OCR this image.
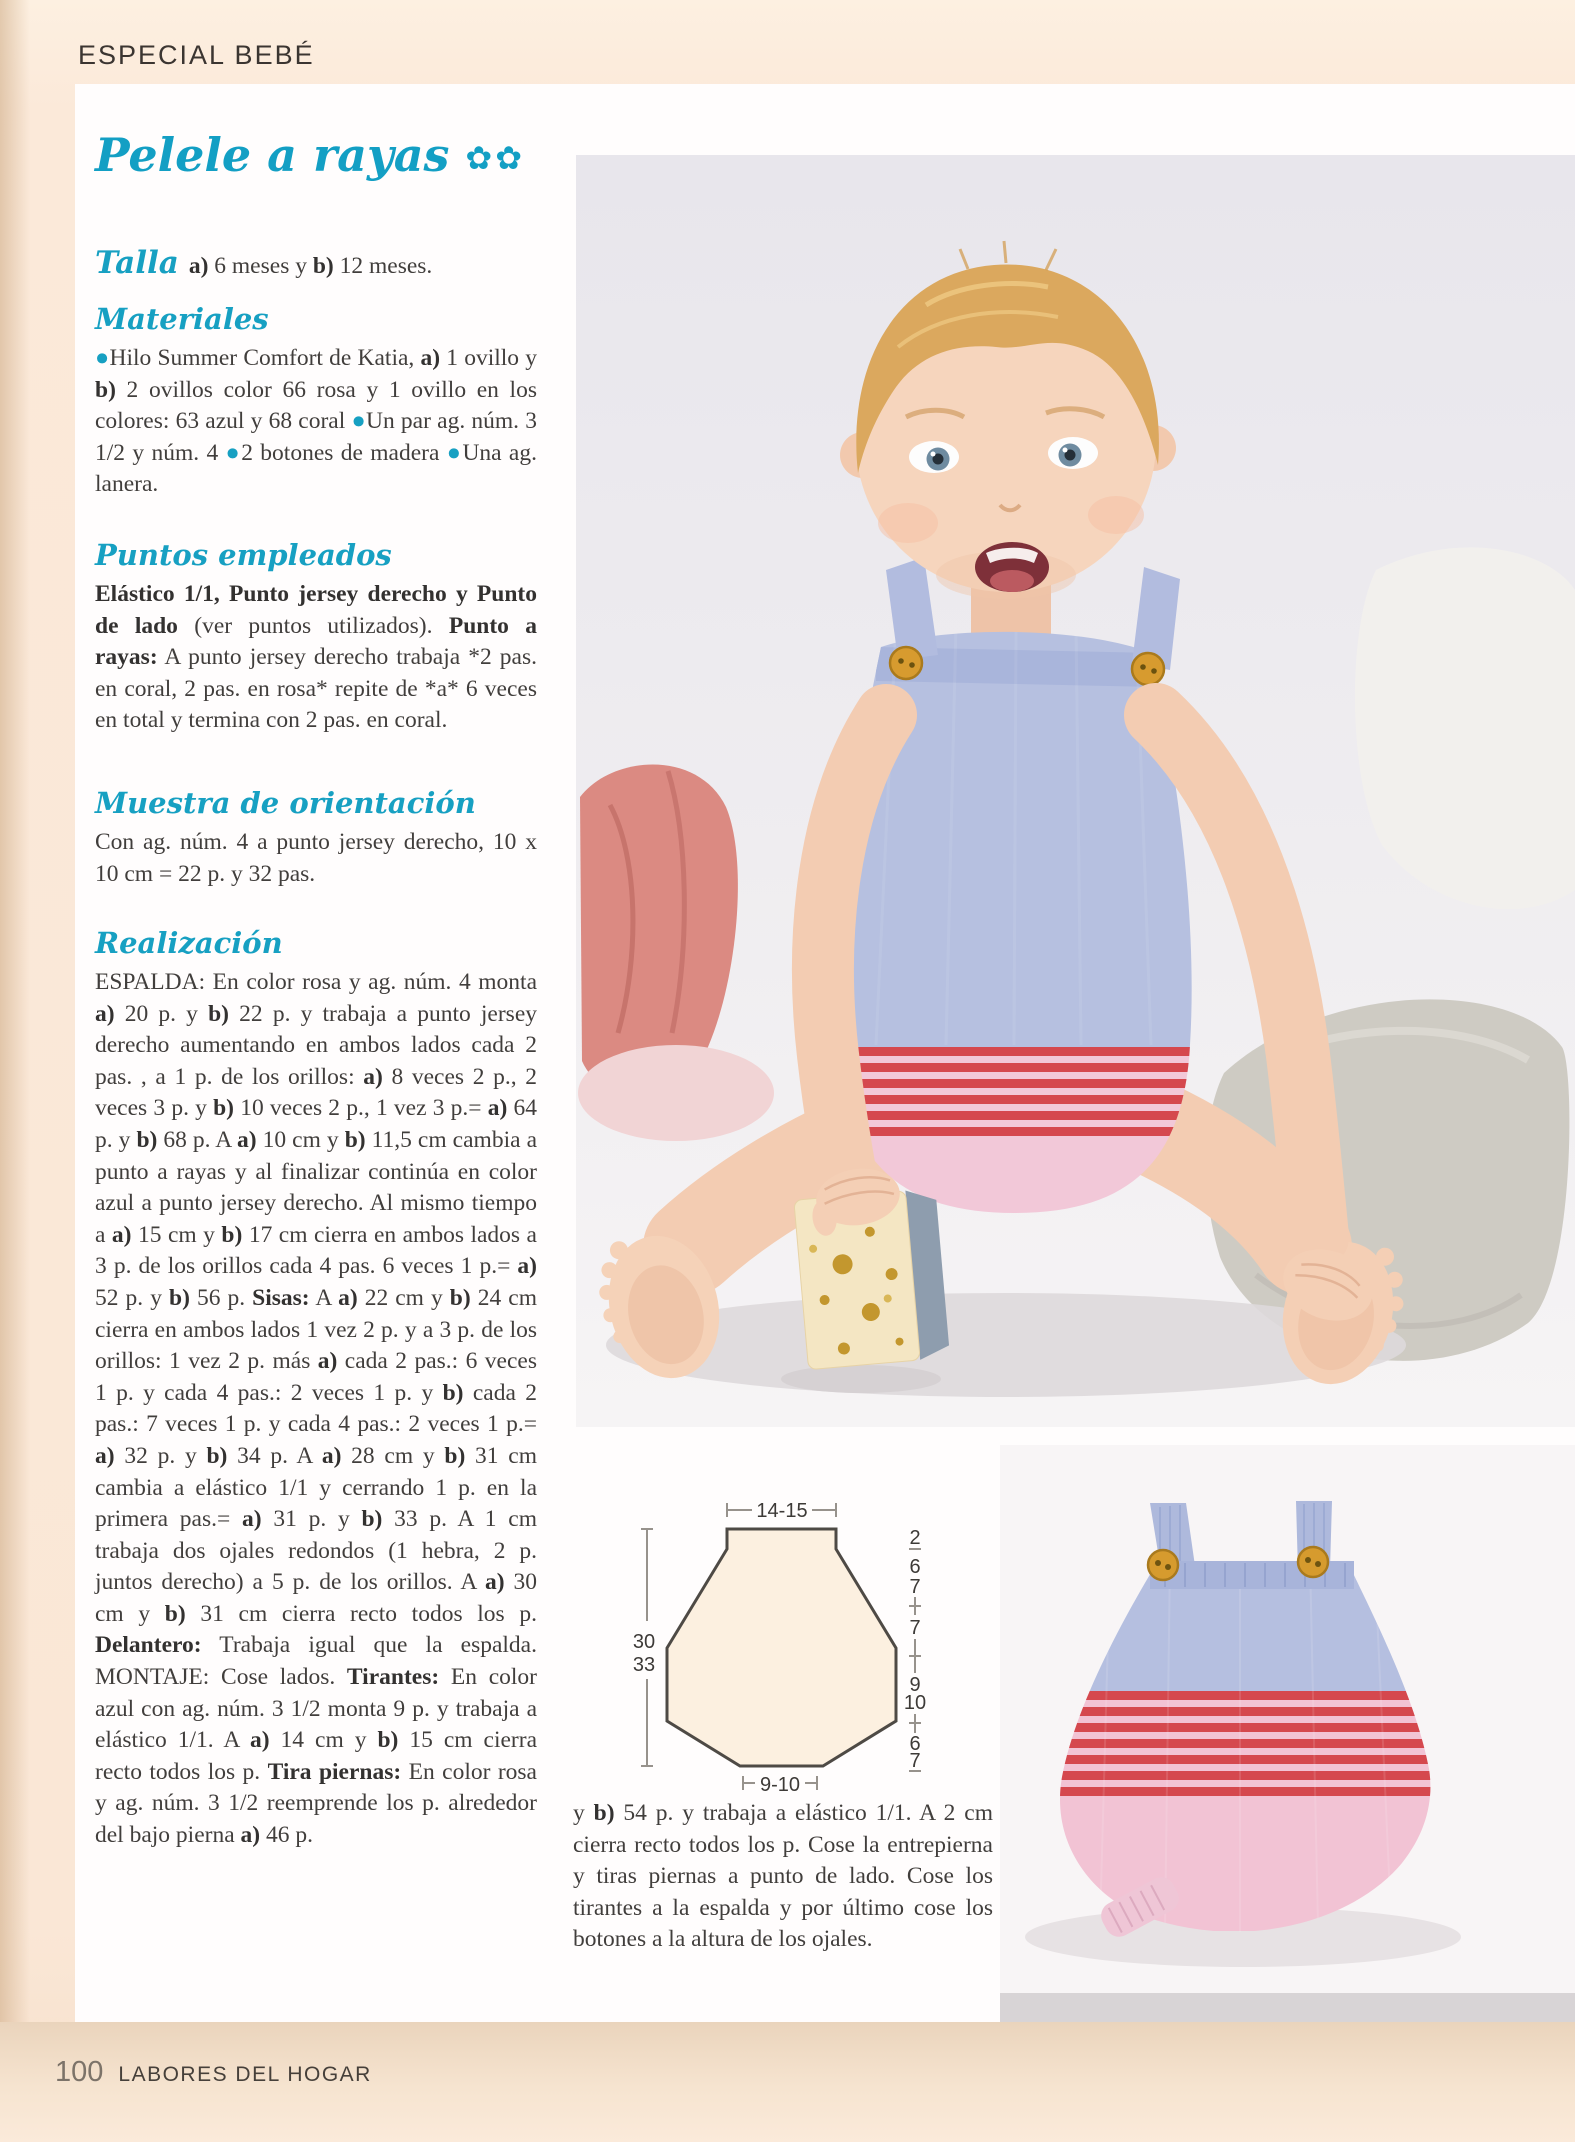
ESPECIAL BEBÉ
Pelele a rayas ✿✿

Talla a) 6 meses y b) 12 meses.

Materiales

●Hilo Summer Comfort de Katia, a) 1 ovillo y b) 2 ovillos color 66 rosa y 1 ovillo en los colores: 63 azul y 68 coral ●Un par ag. núm. 3 1/2 y núm. 4 ●2 botones de madera ●Una ag. lanera.

Puntos empleados

Elástico 1/1, Punto jersey derecho y Punto de lado (ver puntos utilizados). Punto a rayas: A punto jersey derecho trabaja *2 pas. en coral, 2 pas. en rosa* repite de *a* 6 veces en total y termina con 2 pas. en coral.

Muestra de orientación

Con ag. núm. 4 a punto jersey derecho, 10 x 10 cm = 22 p. y 32 pas.

Realización

ESPALDA: En color rosa y ag. núm. 4 monta a) 20 p. y b) 22 p. y trabaja a punto jersey derecho aumentando en ambos lados cada 2 pas. , a 1 p. de los orillos: a) 8 veces 2 p., 2 veces 3 p. y b) 10 veces 2 p., 1 vez 3 p.= a) 64 p. y b) 68 p. A a) 10 cm y b) 11,5 cm cambia a punto a rayas y al finalizar continúa en color azul a punto jersey derecho. Al mismo tiempo a a) 15 cm y b) 17 cm cierra en ambos lados a 3 p. de los orillos cada 4 pas. 6 veces 1 p.= a) 52 p. y b) 56 p. Sisas: A a) 22 cm y b) 24 cm cierra en ambos lados 1 vez 2 p. y a 3 p. de los orillos: 1 vez 2 p. más a) cada 2 pas.: 6 veces 1 p. y cada 4 pas.: 2 veces 1 p. y b) cada 2 pas.: 7 veces 1 p. y cada 4 pas.: 2 veces 1 p.= a) 32 p. y b) 34 p. A a) 28 cm y b) 31 cm cambia a elástico 1/1 y cerrando 1 p. en la primera pas.= a) 31 p. y b) 33 p. A 1 cm trabaja dos ojales redondos (1 hebra, 2 p. juntos derecho) a 5 p. de los orillos. A a) 30 cm y b) 31 cm cierra recto todos los p. Delantero: Trabaja igual que la espalda. MONTAJE: Cose lados. Tirantes: En color azul con ag. núm. 3 1/2 monta 9 p. y trabaja a elástico 1/1. A a) 14 cm y b) 15 cm cierra recto todos los p. Tira piernas: En color rosa y ag. núm. 3 1/2 reemprende los p. alrededor del bajo pierna a) 46 p.

14-15
30
33
9-10
2
6
7
7
9
10
6
7

y b) 54 p. y trabaja a elástico 1/1. A 2 cm cierra recto todos los p. Cose la entrepierna y tiras piernas a punto de lado. Cose los tirantes a la espalda y por último cose los botones a la altura de los ojales.

100 LABORES DEL HOGAR
